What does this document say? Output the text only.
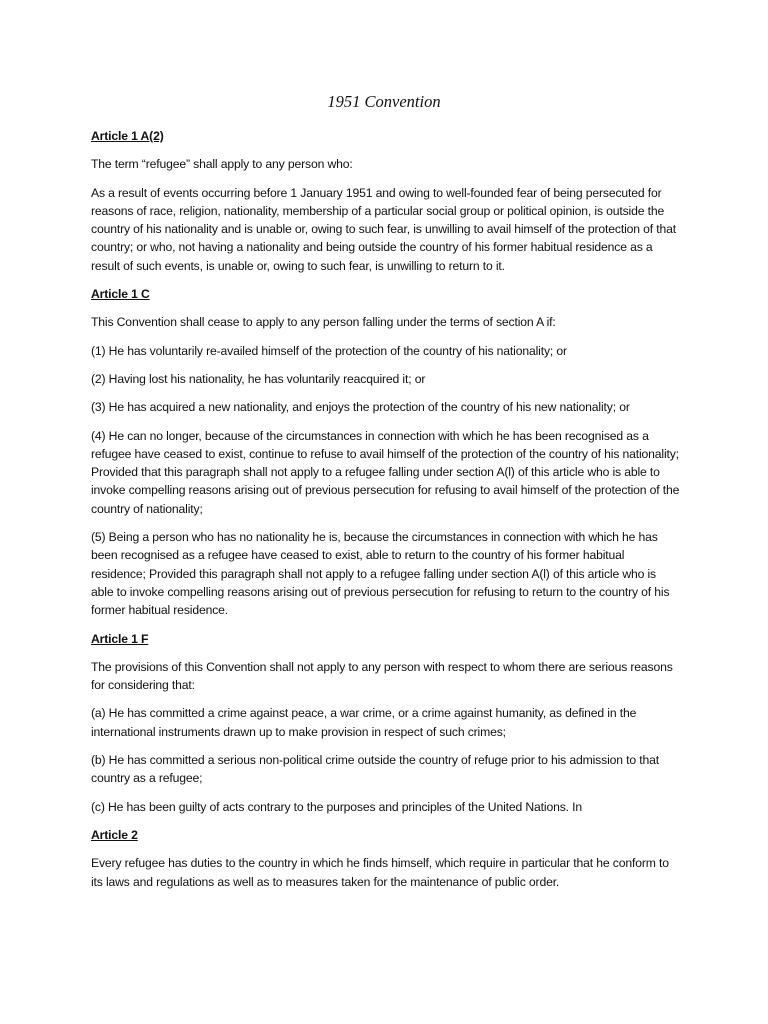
1951 Convention

Article 1 A(2)

The term “refugee” shall apply to any person who:

As a result of events occurring before 1 January 1951 and owing to well-founded fear of being persecuted for reasons of race, religion, nationality, membership of a particular social group or political opinion, is outside the country of his nationality and is unable or, owing to such fear, is unwilling to avail himself of the protection of that country; or who, not having a nationality and being outside the country of his former habitual residence as a result of such events, is unable or, owing to such fear, is unwilling to return to it.

Article 1 C

This Convention shall cease to apply to any person falling under the terms of section A if:

(1) He has voluntarily re-availed himself of the protection of the country of his nationality; or

(2) Having lost his nationality, he has voluntarily reacquired it; or

(3) He has acquired a new nationality, and enjoys the protection of the country of his new nationality; or

(4) He can no longer, because of the circumstances in connection with which he has been recognised as a refugee have ceased to exist, continue to refuse to avail himself of the protection of the country of his nationality; Provided that this paragraph shall not apply to a refugee falling under section A(l) of this article who is able to invoke compelling reasons arising out of previous persecution for refusing to avail himself of the protection of the country of nationality;

(5) Being a person who has no nationality he is, because the circumstances in connection with which he has been recognised as a refugee have ceased to exist, able to return to the country of his former habitual residence; Provided this paragraph shall not apply to a refugee falling under section A(l) of this article who is able to invoke compelling reasons arising out of previous persecution for refusing to return to the country of his former habitual residence.

Article 1 F

The provisions of this Convention shall not apply to any person with respect to whom there are serious reasons for considering that:

(a) He has committed a crime against peace, a war crime, or a crime against humanity, as defined in the international instruments drawn up to make provision in respect of such crimes;

(b) He has committed a serious non-political crime outside the country of refuge prior to his admission to that country as a refugee;

(c) He has been guilty of acts contrary to the purposes and principles of the United Nations. In

Article 2

Every refugee has duties to the country in which he finds himself, which require in particular that he conform to its laws and regulations as well as to measures taken for the maintenance of public order.
